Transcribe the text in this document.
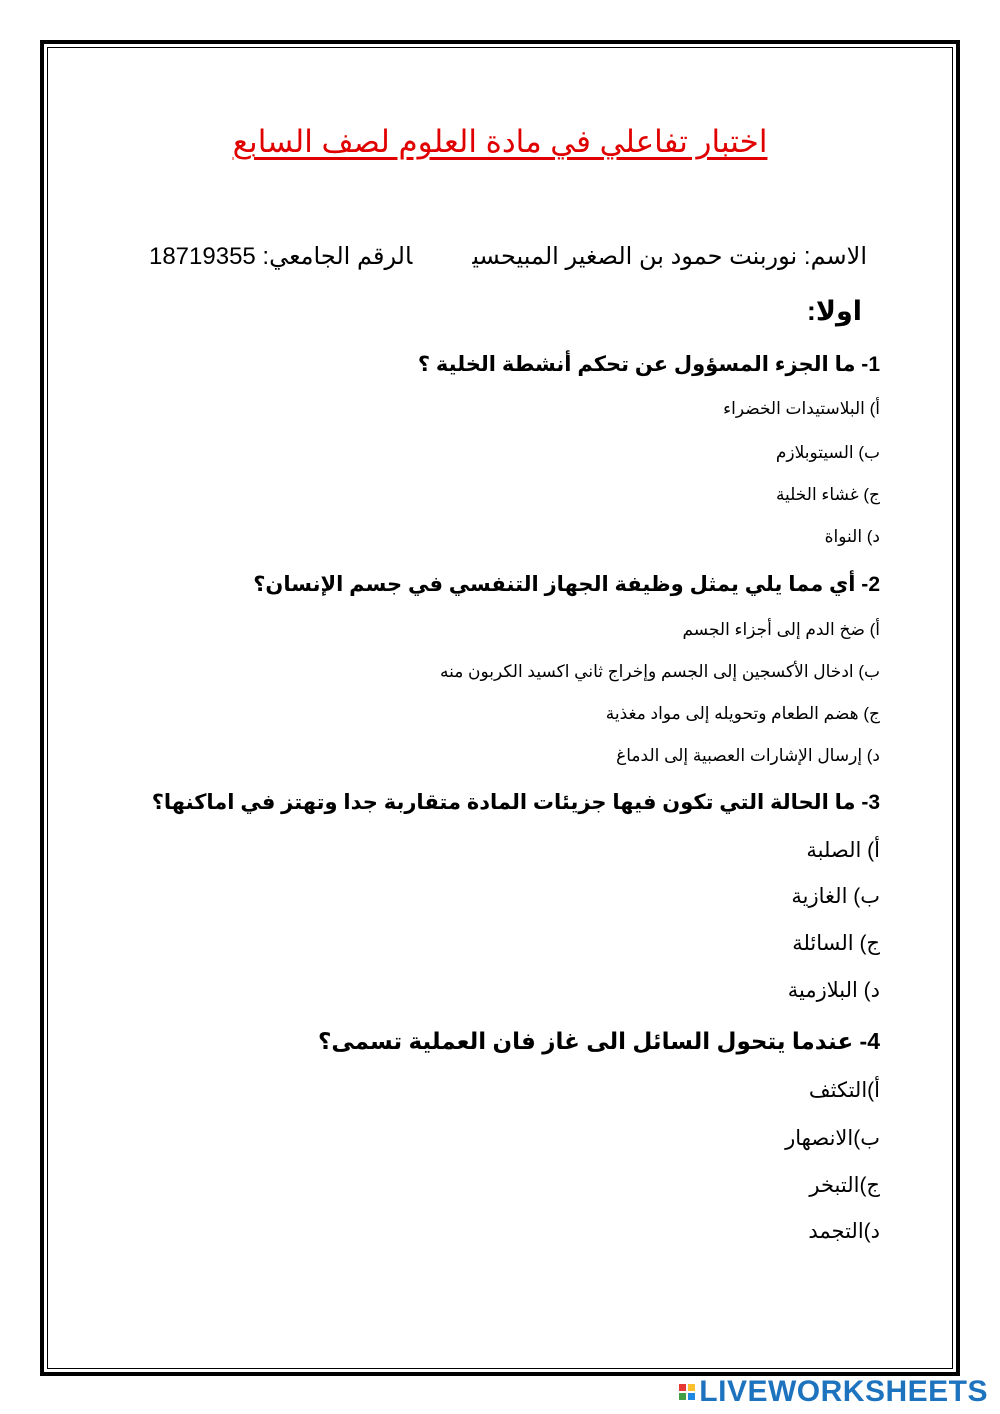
اختبار تفاعلي في مادة العلوم لصف السابع
الاسم: نوربنت حمود بن الصغير المبيحسيالرقم الجامعي: 18719355
اولا:
1- ما الجزء المسؤول عن تحكم أنشطة الخلية ؟
أ) البلاستيدات الخضراء
ب) السيتوبلازم
ج) غشاء الخلية
د) النواة
2- أي مما يلي يمثل وظيفة الجهاز التنفسي في جسم الإنسان؟
أ) ضخ الدم إلى أجزاء الجسم
ب) ادخال الأكسجين إلى الجسم وإخراج ثاني اكسيد الكربون منه
ج) هضم الطعام وتحويله إلى مواد مغذية
د) إرسال الإشارات العصبية إلى الدماغ
3- ما الحالة التي تكون فيها جزيئات المادة متقاربة جدا وتهتز في اماكنها؟
أ) الصلبة
ب) الغازية
ج) السائلة
د) البلازمية
4- عندما يتحول السائل الى غاز فان العملية تسمى؟
أ)التكثف
ب)الانصهار
ج)التبخر
د)التجمد
LIVEWORKSHEETS
